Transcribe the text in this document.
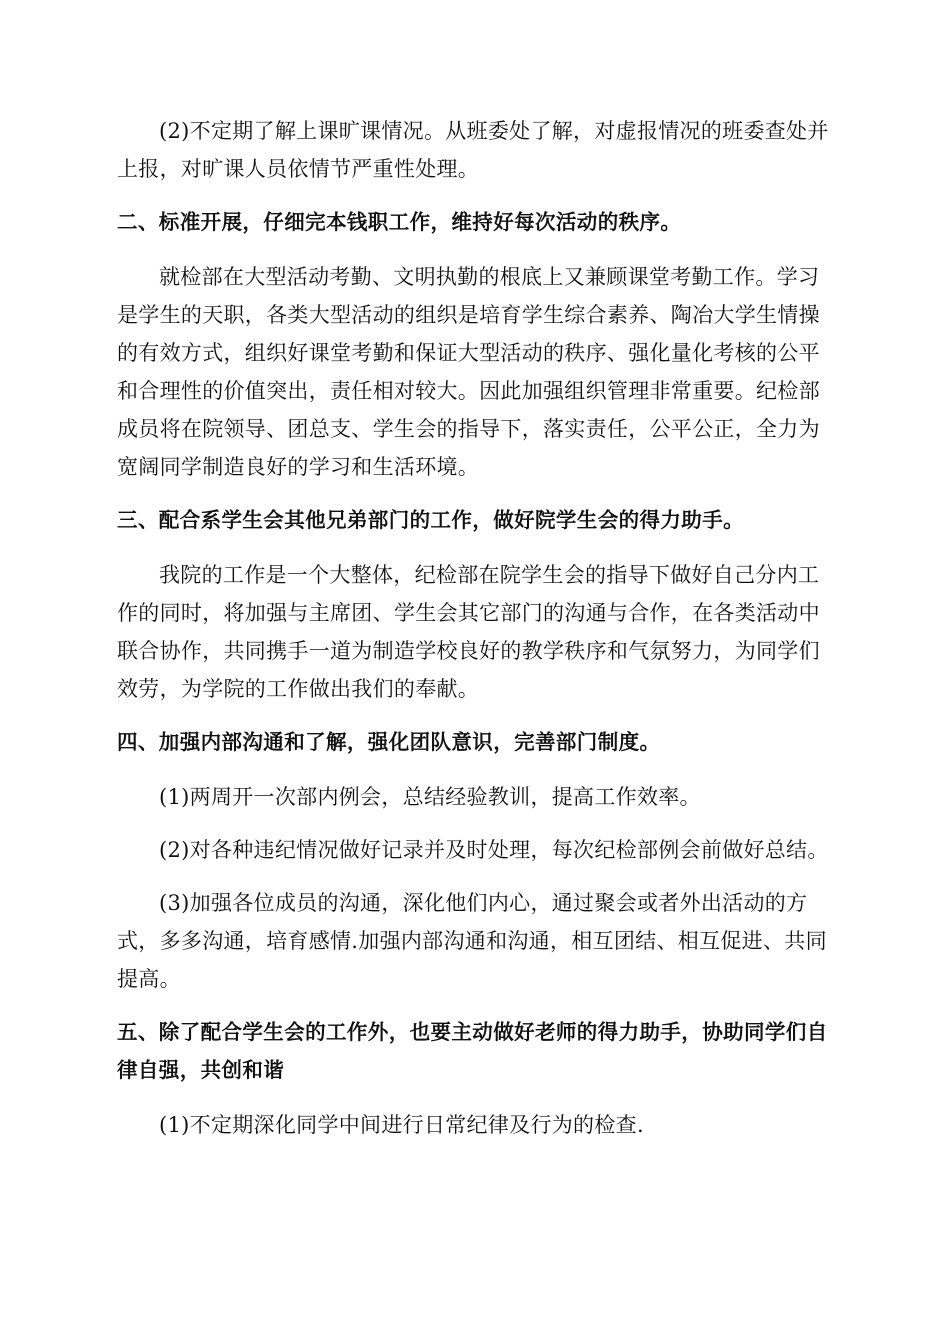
(2)不定期了解上课旷课情况。从班委处了解，对虚报情况的班委查处并上报，对旷课人员依情节严重性处理。

二、标准开展，仔细完本钱职工作，维持好每次活动的秩序。

就检部在大型活动考勤、文明执勤的根底上又兼顾课堂考勤工作。学习是学生的天职，各类大型活动的组织是培育学生综合素养、陶冶大学生情操的有效方式，组织好课堂考勤和保证大型活动的秩序、强化量化考核的公平和合理性的价值突出，责任相对较大。因此加强组织管理非常重要。纪检部成员将在院领导、团总支、学生会的指导下，落实责任，公平公正，全力为宽阔同学制造良好的学习和生活环境。

三、配合系学生会其他兄弟部门的工作，做好院学生会的得力助手。

我院的工作是一个大整体，纪检部在院学生会的指导下做好自己分内工作的同时，将加强与主席团、学生会其它部门的沟通与合作，在各类活动中联合协作，共同携手一道为制造学校良好的教学秩序和气氛努力，为同学们效劳，为学院的工作做出我们的奉献。

四、加强内部沟通和了解，强化团队意识，完善部门制度。

(1)两周开一次部内例会，总结经验教训，提高工作效率。

(2)对各种违纪情况做好记录并及时处理，每次纪检部例会前做好总结。

(3)加强各位成员的沟通，深化他们内心，通过聚会或者外出活动的方式，多多沟通，培育感情.加强内部沟通和沟通，相互团结、相互促进、共同提高。

五、除了配合学生会的工作外，也要主动做好老师的得力助手，协助同学们自律自强，共创和谐

(1)不定期深化同学中间进行日常纪律及行为的检查.
